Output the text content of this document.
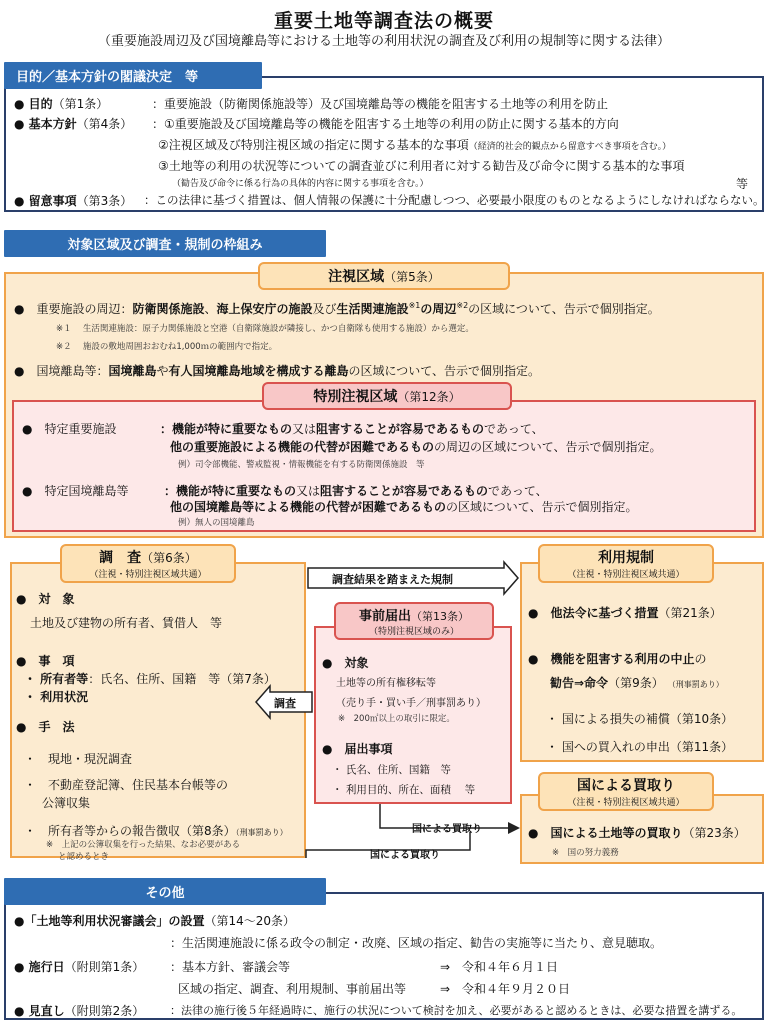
重要土地等調査法の概要
（重要施設周辺及び国境離島等における土地等の利用状況の調査及び利用の規制等に関する法律）
目的／基本方針の閣議決定　等
● 目的（第1条）	：重要施設（防衛関係施設等）及び国境離島等の機能を阻害する土地等の利用を防止
● 基本方針（第4条） ：①重要施設及び国境離島等の機能を阻害する土地等の利用の防止に関する基本的方向
②注視区域及び特別注視区域の指定に関する基本的な事項（経済的社会的観点から留意すべき事項を含む。）
③土地等の利用の状況等についての調査並びに利用者に対する勧告及び命令に関する基本的な事項
（勧告及び命令に係る行為の具体的内容に関する事項を含む。）	等
● 留意事項（第3条） ：この法律に基づく措置は、個人情報の保護に十分配慮しつつ、必要最小限度のものとなるようにしなければならない。
対象区域及び調査・規制の枠組み
注視区域（第5条）
●　重要施設の周辺：防衛関係施設、海上保安庁の施設及び生活関連施設$^{※1}$の周辺$^{※2}$の区域について、告示で個別指定。
※１　 生活関連施設：原子力関係施設と空港（自衛隊施設が隣接し、かつ自衛隊も使用する施設）から選定。
※２　 施設の敷地周囲おおむね1,000ｍの範囲内で指定。
●　国境離島等：国境離島や有人国境離島地域を構成する離島の区域について、告示で個別指定。
特別注視区域（第12条）
●　特定重要施設	：機能が特に重要なもの又は阻害することが容易であるものであって、
他の重要施設による機能の代替が困難であるものの周辺の区域について、告示で個別指定。
例）司令部機能、警戒監視・情報機能を有する防衛関係施設　等
●　特定国境離島等	：機能が特に重要なもの又は阻害することが容易であるものであって、
他の国境離島等による機能の代替が困難であるものの区域について、告示で個別指定。
例）無人の国境離島
調　査（第6条）
（注視・特別注視区域共通）
●　対　象
土地及び建物の所有者、賃借人　等
●　事　項
・ 所有者等：氏名、住所、国籍　等（第7条）
・ 利用状況
●　手　法
・　現地・現況調査
・　不動産登記簿、住民基本台帳等の
公簿収集
・　所有者等からの報告徴収（第8条）（刑事罰あり）
※　上記の公簿収集を行った結果、なお必要がある
と認めるとき
事前届出（第13条）
（特別注視区域のみ）
●　対象
土地等の所有権移転等
（売り手・買い手／刑事罰あり）
※　200㎡以上の取引に限定。
●　届出事項
・ 氏名、住所、国籍　等
・ 利用目的、所在、面積　 等
利用規制
（注視・特別注視区域共通）
●　他法令に基づく措置（第21条）
●　機能を阻害する利用の中止の
勧告⇒命令（第9条） （刑事罰あり）
・ 国による損失の補償（第10条）
・ 国への買入れの申出（第11条）
国による買取り
（注視・特別注視区域共通）
●　国による土地等の買取り（第23条）
※　国の努力義務
調査結果を踏まえた規制
調査
国による買取り
国による買取り
その他
●「土地等利用状況審議会」の設置（第14～20条）
：生活関連施設に係る政令の制定・改廃、区域の指定、勧告の実施等に当たり、意見聴取。
● 施行日（附則第1条） ：基本方針、審議会等	⇒　令和４年６月１日
区域の指定、調査、利用規制、事前届出等	⇒　令和４年９月２０日
● 見直し（附則第2条） ：法律の施行後５年経過時に、施行の状況について検討を加え、必要があると認めるときは、必要な措置を講ずる。
